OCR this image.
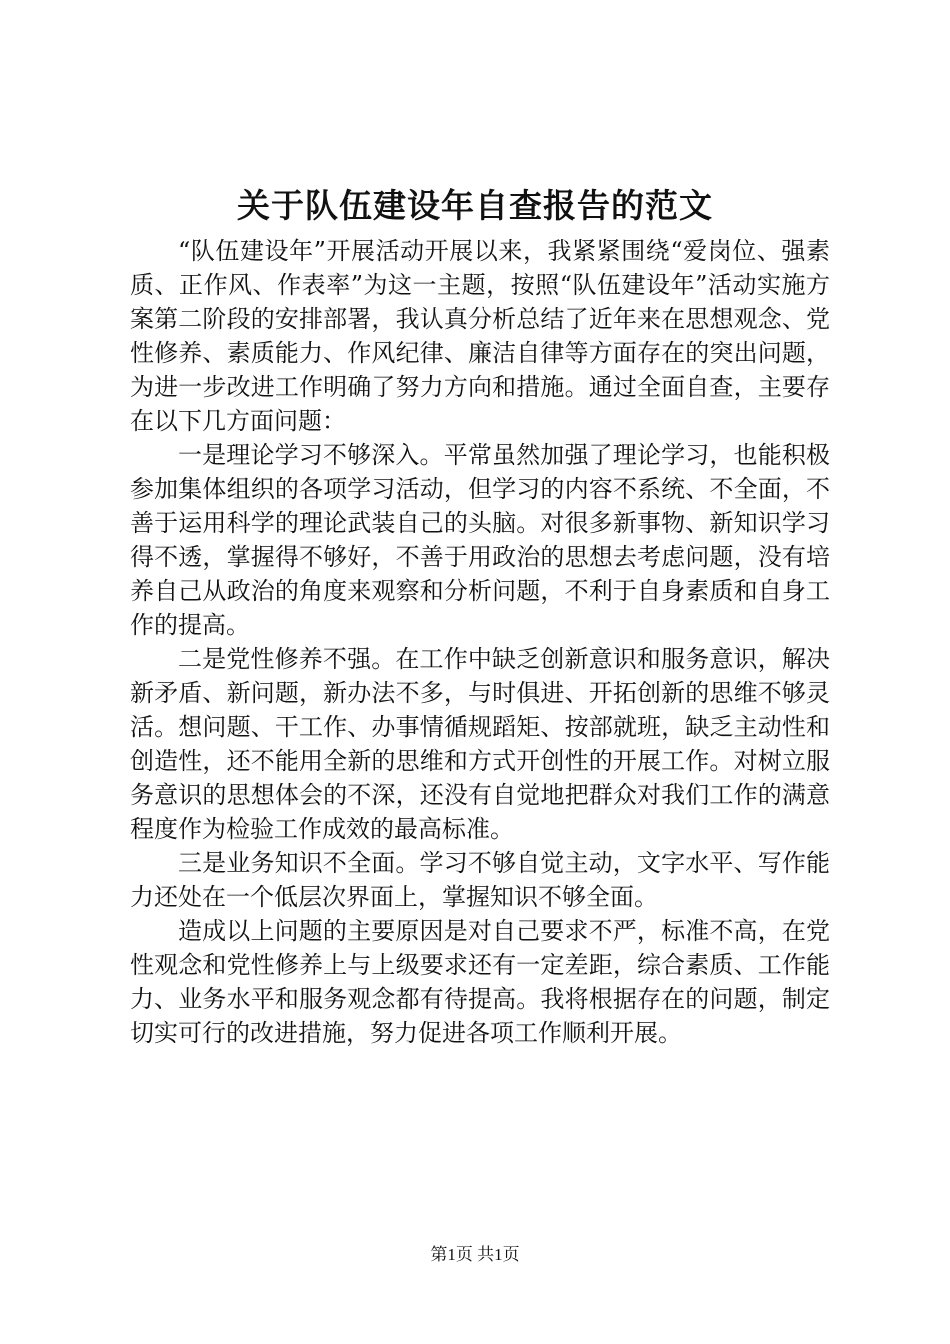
关于队伍建设年自查报告的范文

“队伍建设年”开展活动开展以来，我紧紧围绕“爱岗位、强素质、正作风、作表率”为这一主题，按照“队伍建设年”活动实施方案第二阶段的安排部署，我认真分析总结了近年来在思想观念、党性修养、素质能力、作风纪律、廉洁自律等方面存在的突出问题，为进一步改进工作明确了努力方向和措施。通过全面自查，主要存在以下几方面问题：

一是理论学习不够深入。平常虽然加强了理论学习，也能积极参加集体组织的各项学习活动，但学习的内容不系统、不全面，不善于运用科学的理论武装自己的头脑。对很多新事物、新知识学习得不透，掌握得不够好，不善于用政治的思想去考虑问题，没有培养自己从政治的角度来观察和分析问题，不利于自身素质和自身工作的提高。

二是党性修养不强。在工作中缺乏创新意识和服务意识，解决新矛盾、新问题，新办法不多，与时俱进、开拓创新的思维不够灵活。想问题、干工作、办事情循规蹈矩、按部就班，缺乏主动性和创造性，还不能用全新的思维和方式开创性的开展工作。对树立服务意识的思想体会的不深，还没有自觉地把群众对我们工作的满意程度作为检验工作成效的最高标准。

三是业务知识不全面。学习不够自觉主动，文字水平、写作能力还处在一个低层次界面上，掌握知识不够全面。

造成以上问题的主要原因是对自己要求不严，标准不高，在党性观念和党性修养上与上级要求还有一定差距，综合素质、工作能力、业务水平和服务观念都有待提高。我将根据存在的问题，制定切实可行的改进措施，努力促进各项工作顺利开展。

第1页 共1页
